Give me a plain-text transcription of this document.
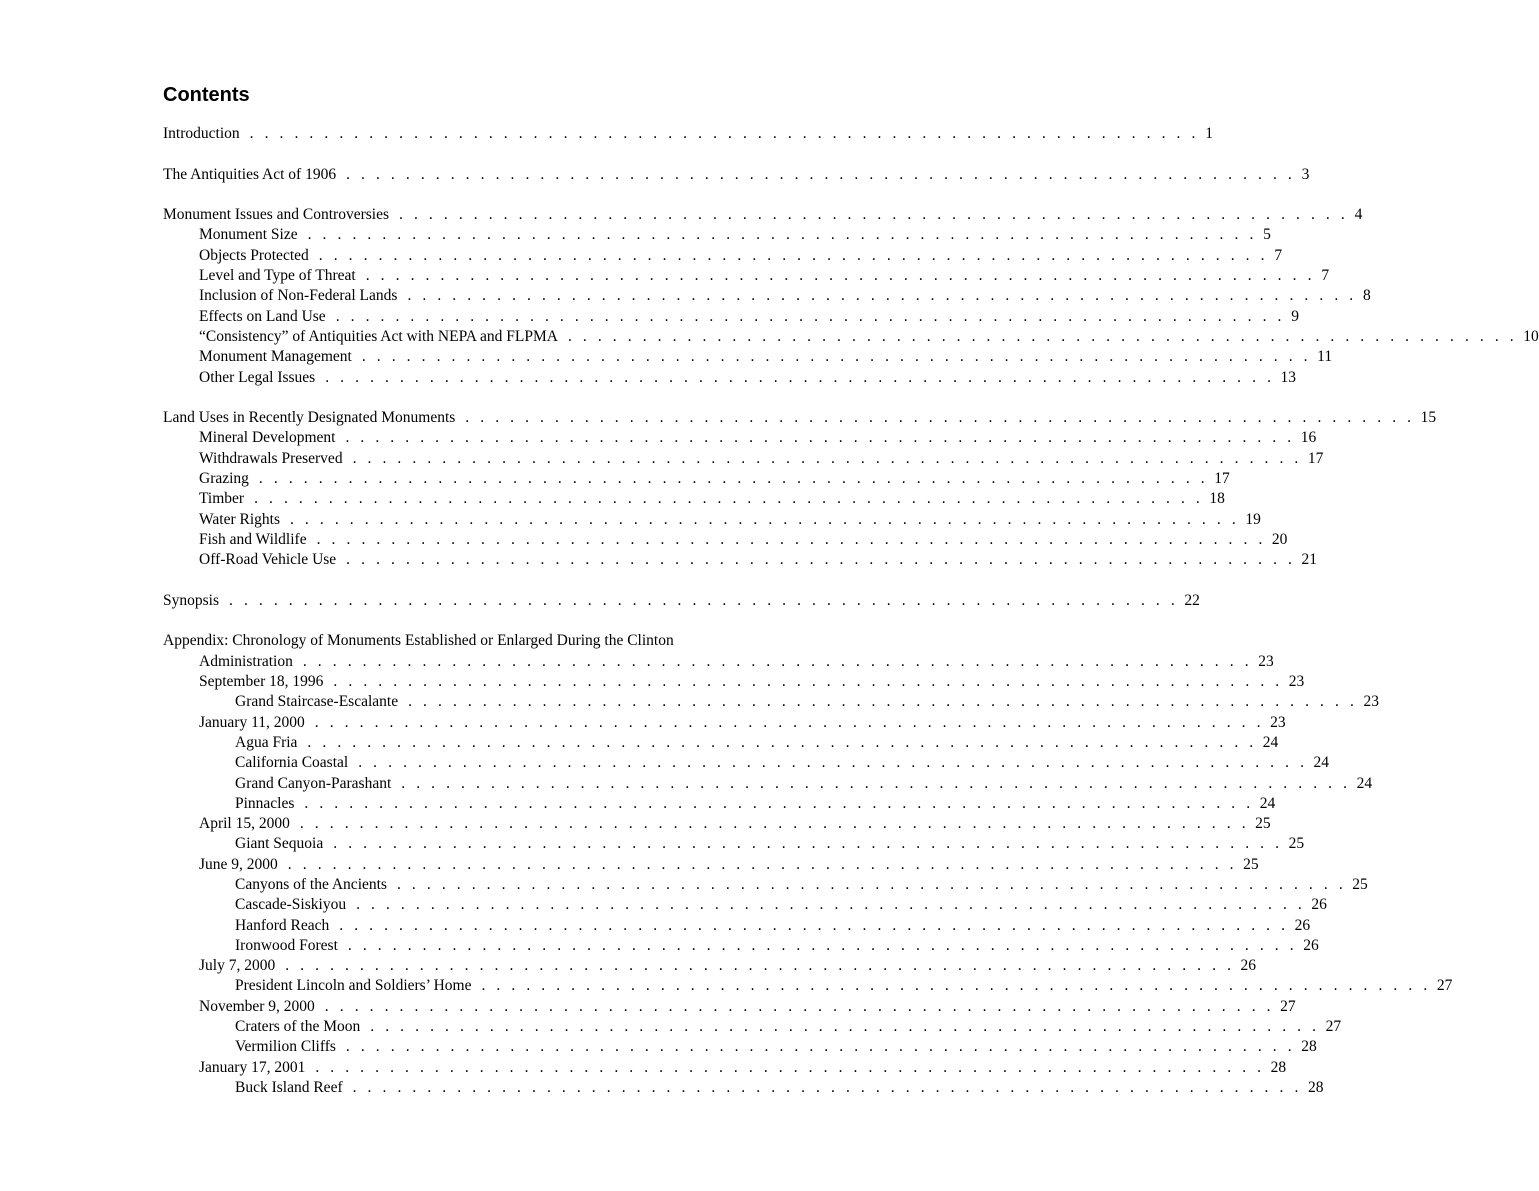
Contents
Introduction . . . . . . . . . . . . . . . . . . . . . . . . . . . . . . . . . . . . . . . . . . . . . . . . . . . . . . . . . . . . . . . . 1
The Antiquities Act of 1906 . . . . . . . . . . . . . . . . . . . . . . . . . . . . . . . . . . . . . . . . . . . . . . . . . . . . . . . . . . . . . . . . 3
Monument Issues and Controversies . . . . . . . . . . . . . . . . . . . . . . . . . . . . . . . . . . . . . . . . . . . . . . . . . . . . . . . . . . . . . . . . 4
Monument Size . . . . . . . . . . . . . . . . . . . . . . . . . . . . . . . . . . . . . . . . . . . . . . . . . . . . . . . . . . . . . . . . 5
Objects Protected . . . . . . . . . . . . . . . . . . . . . . . . . . . . . . . . . . . . . . . . . . . . . . . . . . . . . . . . . . . . . . . . 7
Level and Type of Threat . . . . . . . . . . . . . . . . . . . . . . . . . . . . . . . . . . . . . . . . . . . . . . . . . . . . . . . . . . . . . . . . 7
Inclusion of Non-Federal Lands . . . . . . . . . . . . . . . . . . . . . . . . . . . . . . . . . . . . . . . . . . . . . . . . . . . . . . . . . . . . . . . . 8
Effects on Land Use . . . . . . . . . . . . . . . . . . . . . . . . . . . . . . . . . . . . . . . . . . . . . . . . . . . . . . . . . . . . . . . . 9
“Consistency” of Antiquities Act with NEPA and FLPMA . . . . . . . . . . . . . . . . . . . . . . . . . . . . . . . . . . . . . . . . . . . . . . . . . . . . . . . . . . . . . . . . 10
Monument Management . . . . . . . . . . . . . . . . . . . . . . . . . . . . . . . . . . . . . . . . . . . . . . . . . . . . . . . . . . . . . . . . 11
Other Legal Issues . . . . . . . . . . . . . . . . . . . . . . . . . . . . . . . . . . . . . . . . . . . . . . . . . . . . . . . . . . . . . . . . 13
Land Uses in Recently Designated Monuments . . . . . . . . . . . . . . . . . . . . . . . . . . . . . . . . . . . . . . . . . . . . . . . . . . . . . . . . . . . . . . . . 15
Mineral Development . . . . . . . . . . . . . . . . . . . . . . . . . . . . . . . . . . . . . . . . . . . . . . . . . . . . . . . . . . . . . . . . 16
Withdrawals Preserved . . . . . . . . . . . . . . . . . . . . . . . . . . . . . . . . . . . . . . . . . . . . . . . . . . . . . . . . . . . . . . . . 17
Grazing . . . . . . . . . . . . . . . . . . . . . . . . . . . . . . . . . . . . . . . . . . . . . . . . . . . . . . . . . . . . . . . . 17
Timber . . . . . . . . . . . . . . . . . . . . . . . . . . . . . . . . . . . . . . . . . . . . . . . . . . . . . . . . . . . . . . . . 18
Water Rights . . . . . . . . . . . . . . . . . . . . . . . . . . . . . . . . . . . . . . . . . . . . . . . . . . . . . . . . . . . . . . . . 19
Fish and Wildlife . . . . . . . . . . . . . . . . . . . . . . . . . . . . . . . . . . . . . . . . . . . . . . . . . . . . . . . . . . . . . . . . 20
Off-Road Vehicle Use . . . . . . . . . . . . . . . . . . . . . . . . . . . . . . . . . . . . . . . . . . . . . . . . . . . . . . . . . . . . . . . . 21
Synopsis . . . . . . . . . . . . . . . . . . . . . . . . . . . . . . . . . . . . . . . . . . . . . . . . . . . . . . . . . . . . . . . . 22
Appendix: Chronology of Monuments Established or Enlarged During the Clinton
Administration . . . . . . . . . . . . . . . . . . . . . . . . . . . . . . . . . . . . . . . . . . . . . . . . . . . . . . . . . . . . . . . . 23
September 18, 1996 . . . . . . . . . . . . . . . . . . . . . . . . . . . . . . . . . . . . . . . . . . . . . . . . . . . . . . . . . . . . . . . . 23
Grand Staircase-Escalante . . . . . . . . . . . . . . . . . . . . . . . . . . . . . . . . . . . . . . . . . . . . . . . . . . . . . . . . . . . . . . . . 23
January 11, 2000 . . . . . . . . . . . . . . . . . . . . . . . . . . . . . . . . . . . . . . . . . . . . . . . . . . . . . . . . . . . . . . . . 23
Agua Fria . . . . . . . . . . . . . . . . . . . . . . . . . . . . . . . . . . . . . . . . . . . . . . . . . . . . . . . . . . . . . . . . 24
California Coastal . . . . . . . . . . . . . . . . . . . . . . . . . . . . . . . . . . . . . . . . . . . . . . . . . . . . . . . . . . . . . . . . 24
Grand Canyon-Parashant . . . . . . . . . . . . . . . . . . . . . . . . . . . . . . . . . . . . . . . . . . . . . . . . . . . . . . . . . . . . . . . . 24
Pinnacles . . . . . . . . . . . . . . . . . . . . . . . . . . . . . . . . . . . . . . . . . . . . . . . . . . . . . . . . . . . . . . . . 24
April 15, 2000 . . . . . . . . . . . . . . . . . . . . . . . . . . . . . . . . . . . . . . . . . . . . . . . . . . . . . . . . . . . . . . . . 25
Giant Sequoia . . . . . . . . . . . . . . . . . . . . . . . . . . . . . . . . . . . . . . . . . . . . . . . . . . . . . . . . . . . . . . . . 25
June 9, 2000 . . . . . . . . . . . . . . . . . . . . . . . . . . . . . . . . . . . . . . . . . . . . . . . . . . . . . . . . . . . . . . . . 25
Canyons of the Ancients . . . . . . . . . . . . . . . . . . . . . . . . . . . . . . . . . . . . . . . . . . . . . . . . . . . . . . . . . . . . . . . . 25
Cascade-Siskiyou . . . . . . . . . . . . . . . . . . . . . . . . . . . . . . . . . . . . . . . . . . . . . . . . . . . . . . . . . . . . . . . . 26
Hanford Reach . . . . . . . . . . . . . . . . . . . . . . . . . . . . . . . . . . . . . . . . . . . . . . . . . . . . . . . . . . . . . . . . 26
Ironwood Forest . . . . . . . . . . . . . . . . . . . . . . . . . . . . . . . . . . . . . . . . . . . . . . . . . . . . . . . . . . . . . . . . 26
July 7, 2000 . . . . . . . . . . . . . . . . . . . . . . . . . . . . . . . . . . . . . . . . . . . . . . . . . . . . . . . . . . . . . . . . 26
President Lincoln and Soldiers’ Home . . . . . . . . . . . . . . . . . . . . . . . . . . . . . . . . . . . . . . . . . . . . . . . . . . . . . . . . . . . . . . . . 27
November 9, 2000 . . . . . . . . . . . . . . . . . . . . . . . . . . . . . . . . . . . . . . . . . . . . . . . . . . . . . . . . . . . . . . . . 27
Craters of the Moon . . . . . . . . . . . . . . . . . . . . . . . . . . . . . . . . . . . . . . . . . . . . . . . . . . . . . . . . . . . . . . . . 27
Vermilion Cliffs . . . . . . . . . . . . . . . . . . . . . . . . . . . . . . . . . . . . . . . . . . . . . . . . . . . . . . . . . . . . . . . . 28
January 17, 2001 . . . . . . . . . . . . . . . . . . . . . . . . . . . . . . . . . . . . . . . . . . . . . . . . . . . . . . . . . . . . . . . . 28
Buck Island Reef . . . . . . . . . . . . . . . . . . . . . . . . . . . . . . . . . . . . . . . . . . . . . . . . . . . . . . . . . . . . . . . . 28
